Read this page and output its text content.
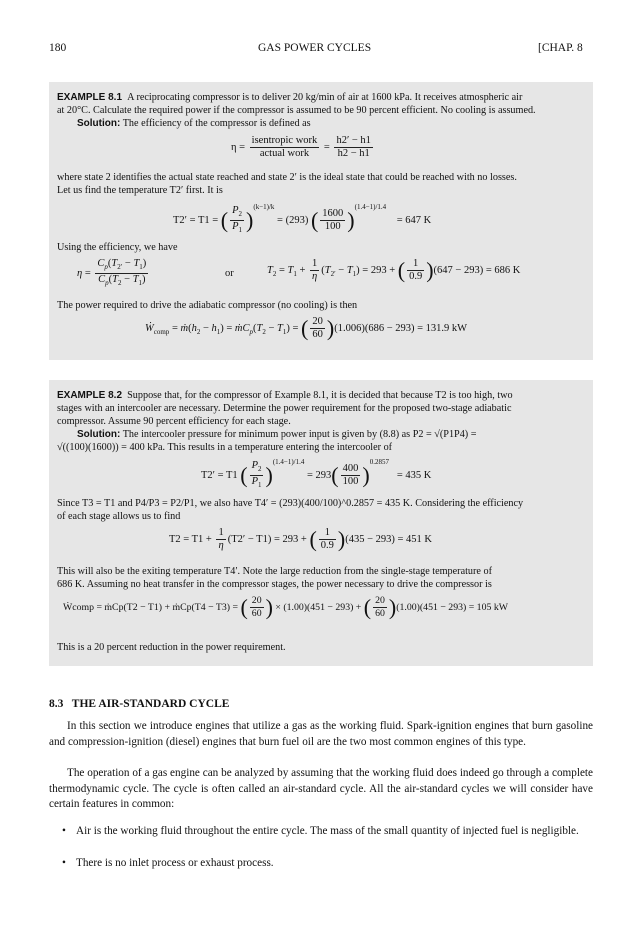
180	GAS POWER CYCLES	[CHAP. 8
EXAMPLE 8.1 A reciprocating compressor is to deliver 20 kg/min of air at 1600 kPa. It receives atmospheric air
at 20°C. Calculate the required power if the compressor is assumed to be 90 percent efficient. No cooling is assumed.
Solution: The efficiency of the compressor is defined as
$\eta = \frac{\text{isentropic work}}{\text{actual work}} = \frac{h2' - h1}{h2 - h1}$
where state 2 identifies the actual state reached and state 2′ is the ideal state that could be reached with no losses.
Let us find the temperature T2′ first. It is
T2′ = T1 = ( $\frac{P_2}{P_1} )^{(k-1)/k} = (293)$ ( $\frac{1600}{100} )^{(1.4-1)/1.4}$    = 647 K
Using the efficiency, we have
$\eta = \frac{C_p(T_{2'} - T_1)}{C_p(T_2 - T_1)}$	or	$T_2 = T_1 + \frac{1}{\eta} (T_{2'} - T_1) = 293$ + ( $\frac{1}{0.9} )(647 - 293) = 686$ K
The power required to drive the adiabatic compressor (no cooling) is then
Ẇ$_{comp}$ = $ṁ(h_2 - h_1)$ = $ṁC_p(T_2 - T_1)$ = ( $\frac{20}{60} )(1.006)(686 - 293) = 131.9$ kW
EXAMPLE 8.2 Suppose that, for the compressor of Example 8.1, it is decided that because T2 is too high, two
stages with an intercooler are necessary. Determine the power requirement for the proposed two-stage adiabatic
compressor. Assume 90 percent efficiency for each stage.
Solution: The intercooler pressure for minimum power input is given by (8.8) as P2 = √(P1P4) =
√((100)(1600)) = 400 kPa. This results in a temperature entering the intercooler of
T2′ = T1 ( $\frac{P_2}{P_1} )^{(1.4-1)/1.4} = 293( \frac{400}{100} )^{0.2857} = 435$ K
Since T3 = T1 and P4/P3 = P2/P1, we also have T4′ = (293)(400/100)^0.2857 = 435 K. Considering the efficiency
of each stage allows us to find
$T2 = T1 + \frac{1}{\eta} (T2' - T1) = 293$ + ( $\frac{1}{0.9} )(435 - 293) = 451$ K
This will also be the exiting temperature T4′. Note the large reduction from the single-stage temperature of
686 K. Assuming no heat transfer in the compressor stages, the power necessary to drive the compressor is
Ẇcomp = ṁCp(T2 − T1) + ṁCp(T4 − T3) = ( $\frac{20}{60}$ ) × (1.00)(451 − 293) + ( $\frac{20}{60} )(1.00)(451 - 293) = 105$ kW
This is a 20 percent reduction in the power requirement.
8.3   THE AIR-STANDARD CYCLE
In this section we introduce engines that utilize a gas as the working fluid. Spark-ignition engines that burn gasoline and compression-ignition (diesel) engines that burn fuel oil are the two most common engines of this type.
The operation of a gas engine can be analyzed by assuming that the working fluid does indeed go through a complete thermodynamic cycle. The cycle is often called an air-standard cycle. All the air-standard cycles we will consider have certain features in common:
• Air is the working fluid throughout the entire cycle. The mass of the small quantity of injected fuel is negligible.
• There is no inlet process or exhaust process.
